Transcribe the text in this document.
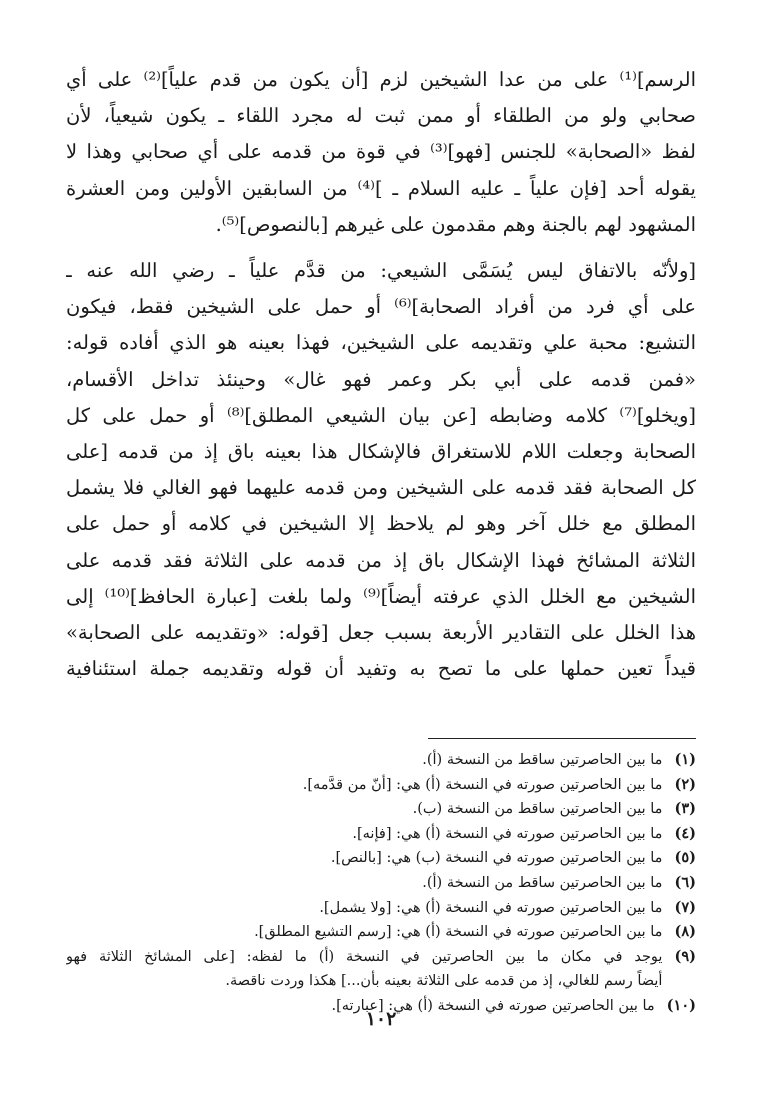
الرسم]⁽¹⁾ على من عدا الشيخين لزم [أن يكون من قدم علياً]⁽²⁾ على أي
صحابي ولو من الطلقاء أو ممن ثبت له مجرد اللقاء ـ يكون شيعياً، لأن
لفظ «الصحابة» للجنس [فهو]⁽³⁾ في قوة من قدمه على أي صحابي وهذا لا
يقوله أحد [فإن علياً ـ عليه السلام ـ ]⁽⁴⁾ من السابقين الأولين ومن العشرة
المشهود لهم بالجنة وهم مقدمون على غيرهم [بالنصوص]⁽⁵⁾.

[ولأنّه بالاتفاق ليس يُسَمَّى الشيعي: من قدَّم علياً ـ رضي الله عنه ـ
على أي فرد من أفراد الصحابة]⁽⁶⁾ أو حمل على الشيخين فقط، فيكون
التشيع: محبة علي وتقديمه على الشيخين، فهذا بعينه هو الذي أفاده قوله:
«فمن قدمه على أبي بكر وعمر فهو غال» وحينئذ تداخل الأقسام،
[ويخلو]⁽⁷⁾ كلامه وضابطه [عن بيان الشيعي المطلق]⁽⁸⁾ أو حمل على كل
الصحابة وجعلت اللام للاستغراق فالإشكال هذا بعينه باق إذ من قدمه [على
كل الصحابة فقد قدمه على الشيخين ومن قدمه عليهما فهو الغالي فلا يشمل
المطلق مع خلل آخر وهو لم يلاحظ إلا الشيخين في كلامه أو حمل على
الثلاثة المشائخ فهذا الإشكال باق إذ من قدمه على الثلاثة فقد قدمه على
الشيخين مع الخلل الذي عرفته أيضاً]⁽⁹⁾ ولما بلغت [عبارة الحافظ]⁽¹⁰⁾ إلى
هذا الخلل على التقادير الأربعة بسبب جعل [قوله: «وتقديمه على الصحابة»
قيداً تعين حملها على ما تصح به وتفيد أن قوله وتقديمه جملة استئنافية

(١)
ما بين الحاصرتين ساقط من النسخة (أ).
(٢)
ما بين الحاصرتين صورته في النسخة (أ) هي: [أنّ من قدَّمه].
(٣)
ما بين الحاصرتين ساقط من النسخة (ب).
(٤)
ما بين الحاصرتين صورته في النسخة (أ) هي: [فإنه].
(٥)
ما بين الحاصرتين صورته في النسخة (ب) هي: [بالنص].
(٦)
ما بين الحاصرتين ساقط من النسخة (أ).
(٧)
ما بين الحاصرتين صورته في النسخة (أ) هي: [ولا يشمل].
(٨)
ما بين الحاصرتين صورته في النسخة (أ) هي: [رسم التشيع المطلق].
(٩)
يوجد في مكان ما بين الحاصرتين في النسخة (أ) ما لفظه: [على المشائخ الثلاثة فهو
أيضاً رسم للغالي، إذ من قدمه على الثلاثة بعينه بأن...] هكذا وردت ناقصة.
(١٠)
ما بين الحاصرتين صورته في النسخة (أ) هي: [عبارته].
١٠٢
